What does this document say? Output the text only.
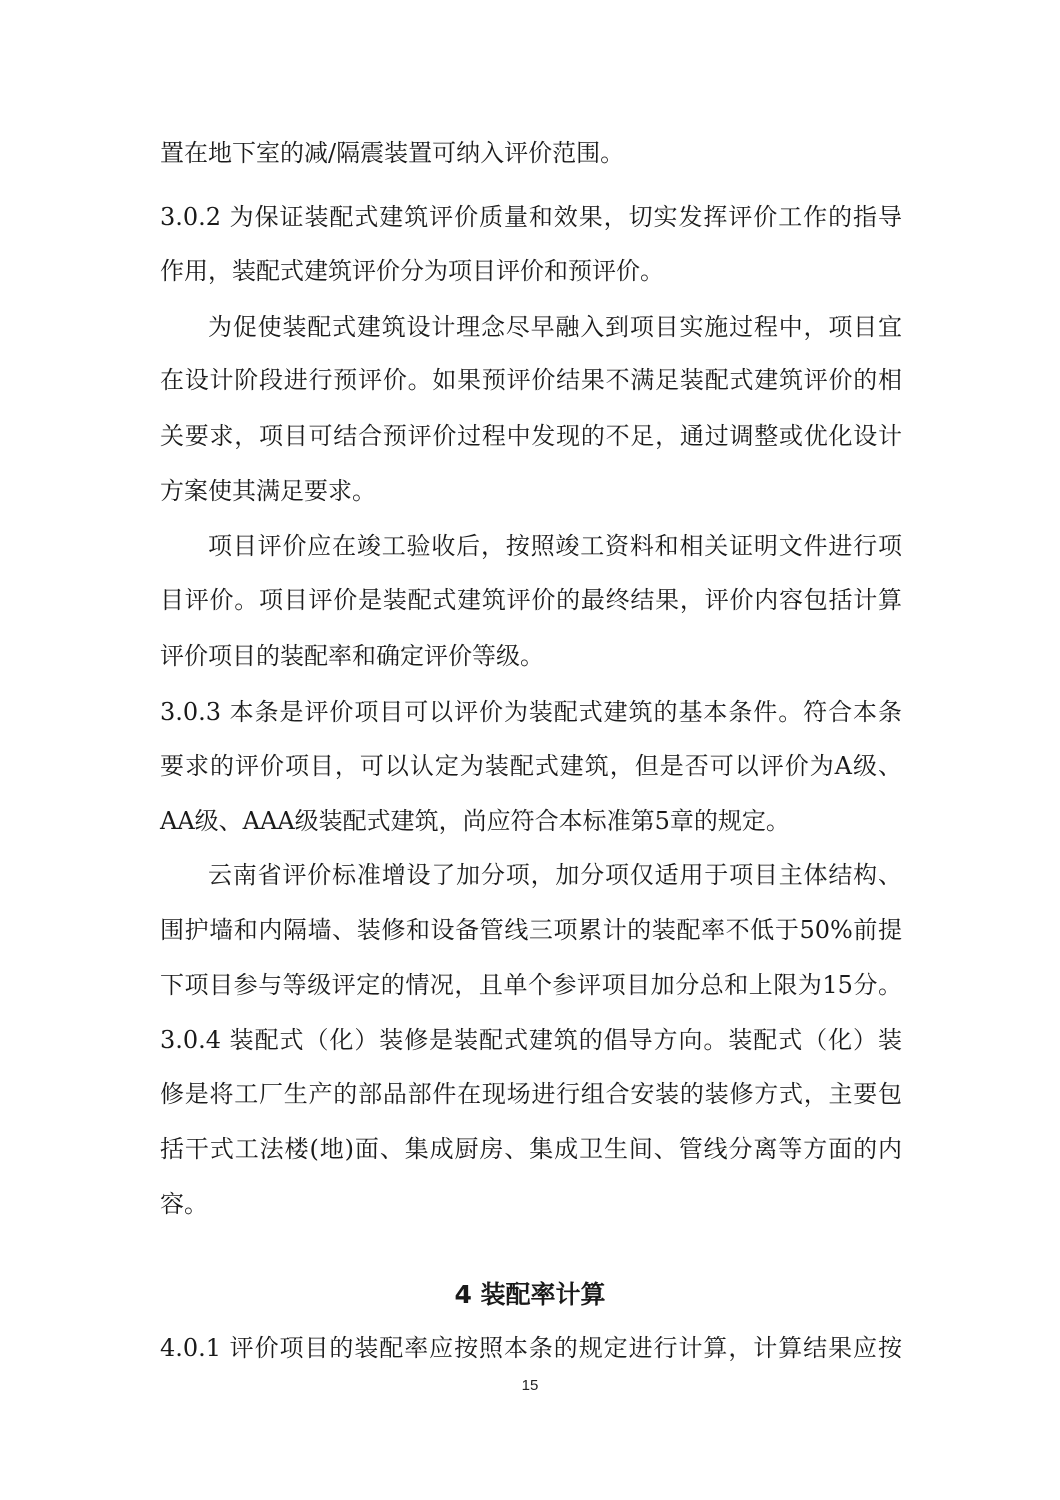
置在地下室的减/隔震装置可纳入评价范围。
3.0.2 为保证装配式建筑评价质量和效果，切实发挥评价工作的指导
作用，装配式建筑评价分为项目评价和预评价。
为促使装配式建筑设计理念尽早融入到项目实施过程中，项目宜
在设计阶段进行预评价。如果预评价结果不满足装配式建筑评价的相
关要求，项目可结合预评价过程中发现的不足，通过调整或优化设计
方案使其满足要求。
项目评价应在竣工验收后，按照竣工资料和相关证明文件进行项
目评价。项目评价是装配式建筑评价的最终结果，评价内容包括计算
评价项目的装配率和确定评价等级。
3.0.3 本条是评价项目可以评价为装配式建筑的基本条件。符合本条
要求的评价项目，可以认定为装配式建筑，但是否可以评价为A级、
AA级、AAA级装配式建筑，尚应符合本标准第5章的规定。
云南省评价标准增设了加分项，加分项仅适用于项目主体结构、
围护墙和内隔墙、装修和设备管线三项累计的装配率不低于50%前提
下项目参与等级评定的情况，且单个参评项目加分总和上限为15分。
3.0.4 装配式（化）装修是装配式建筑的倡导方向。装配式（化）装
修是将工厂生产的部品部件在现场进行组合安装的装修方式，主要包
括干式工法楼(地)面、集成厨房、集成卫生间、管线分离等方面的内
容。
4 装配率计算
4.0.1 评价项目的装配率应按照本条的规定进行计算，计算结果应按
15
